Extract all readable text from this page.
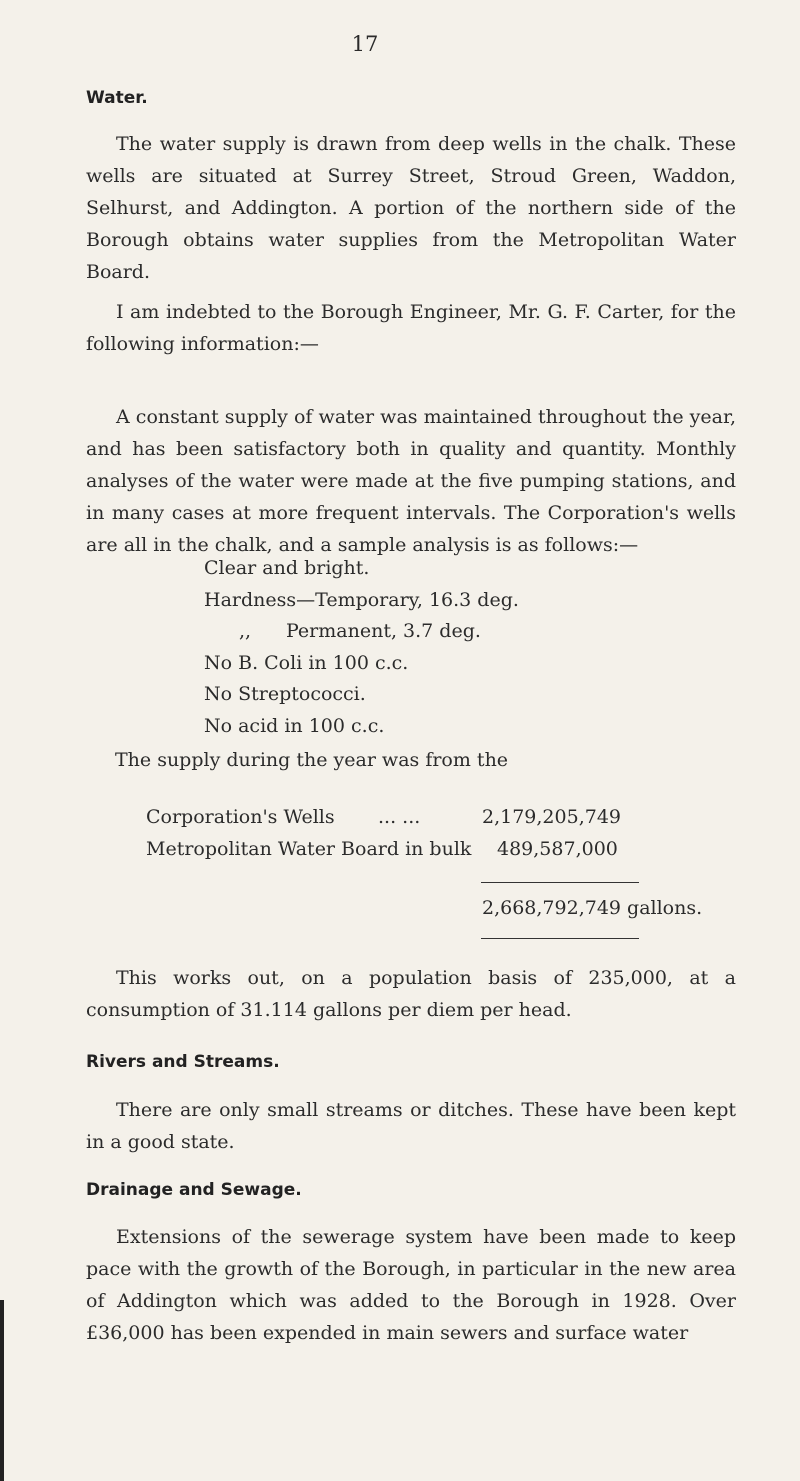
17
Water.

The water supply is drawn from deep wells in the chalk. These wells are situated at Surrey Street, Stroud Green, Waddon, Selhurst, and Addington. A portion of the northern side of the Borough obtains water supplies from the Metropolitan Water Board.

I am indebted to the Borough Engineer, Mr. G. F. Carter, for the following information:—

A constant supply of water was maintained throughout the year, and has been satisfactory both in quality and quantity. Monthly analyses of the water were made at the five pumping stations, and in many cases at more frequent intervals. The Corporation's wells are all in the chalk, and a sample analysis is as follows:—

Clear and bright.
Hardness—Temporary, 16.3 deg.
,, Permanent, 3.7 deg.
No B. Coli in 100 c.c.
No Streptococci.
No acid in 100 c.c.
The supply during the year was from the
Corporation's Wells ... ...	2,179,205,749
Metropolitan Water Board in bulk 489,587,000
2,668,792,749 gallons.

This works out, on a population basis of 235,000, at a consumption of 31.114 gallons per diem per head.

Rivers and Streams.

There are only small streams or ditches. These have been kept in a good state.

Drainage and Sewage.

Extensions of the sewerage system have been made to keep pace with the growth of the Borough, in particular in the new area of Addington which was added to the Borough in 1928. Over £36,000 has been expended in main sewers and surface water
